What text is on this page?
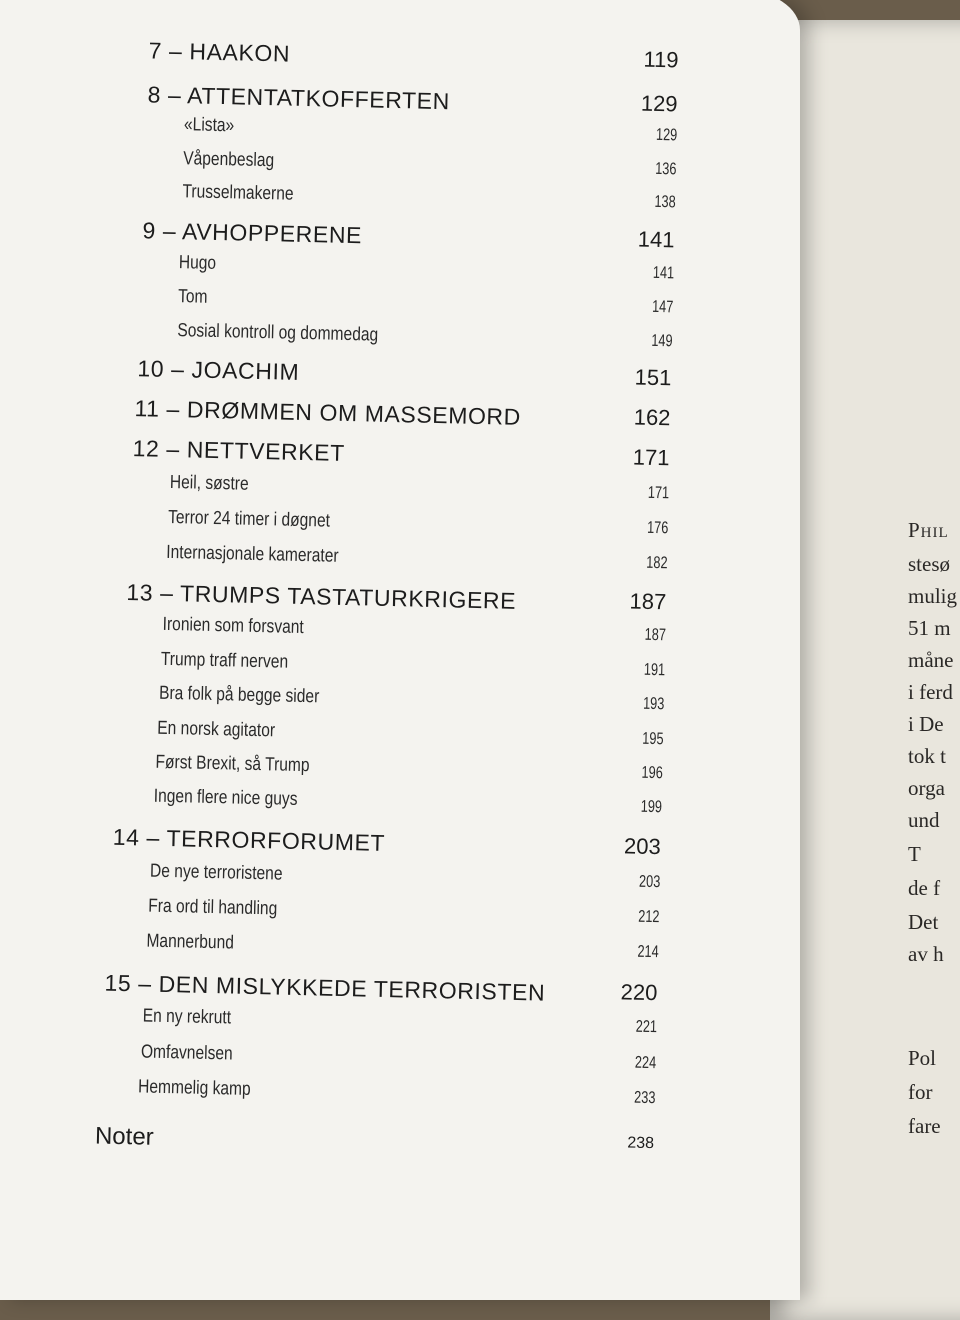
Phil
stesø
mulig
51 m
måne
i ferd
i De
tok t
orga
und
T
de f
Det
av h
Pol
for
fare
7 – HAAKON	119
8 – ATTENTATKOFFERTEN	129
«Lista»	129
Våpenbeslag	136
Trusselmakerne	138
9 – AVHOPPERENE	141
Hugo	141
Tom	147
Sosial kontroll og dommedag	149
10 – JOACHIM	151
11 – DRØMMEN OM MASSEMORD	162
12 – NETTVERKET	171
Heil, søstre	171
Terror 24 timer i døgnet	176
Internasjonale kamerater	182
13 – TRUMPS TASTATURKRIGERE	187
Ironien som forsvant	187
Trump traff nerven	191
Bra folk på begge sider	193
En norsk agitator	195
Først Brexit, så Trump	196
Ingen flere nice guys	199
14 – TERRORFORUMET	203
De nye terroristene	203
Fra ord til handling	212
Mannerbund	214
15 – DEN MISLYKKEDE TERRORISTEN	220
En ny rekrutt	221
Omfavnelsen	224
Hemmelig kamp	233
Noter	238
